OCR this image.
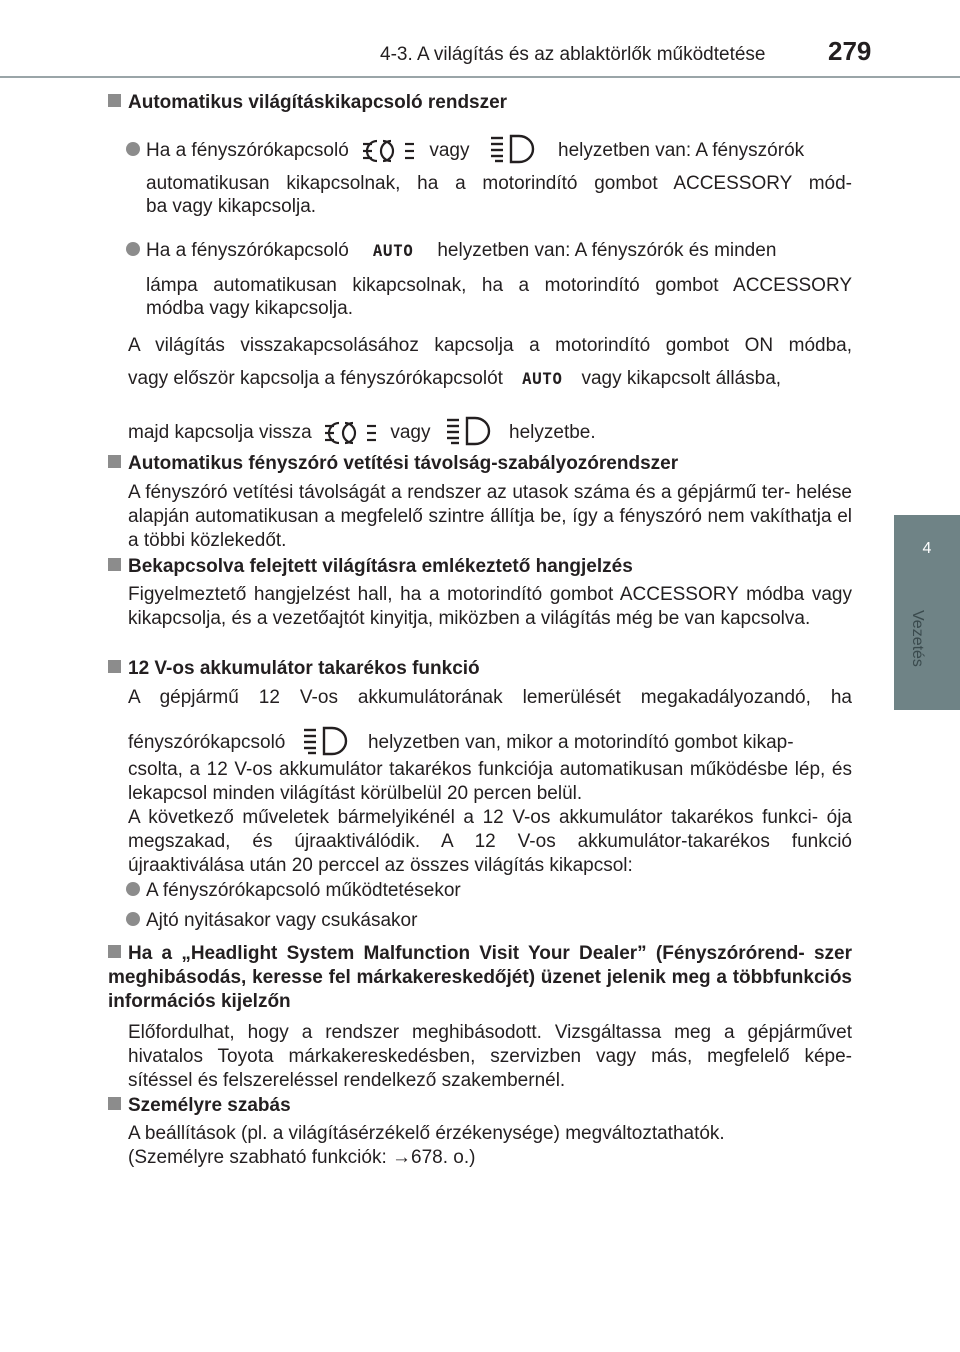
4-3. A világítás és az ablaktörlők működtetése 279
4
Vezetés
Automatikus világításkikapcsoló rendszer
Ha a fényszórókapcsoló	vagy	helyzetben van: A fényszórók
automatikusan kikapcsolnak, ha a motorindító gombot ACCESSORY mód-
ba vagy kikapcsolja.
Ha a fényszórókapcsoló AUTO helyzetben van: A fényszórók és minden
lámpa automatikusan kikapcsolnak, ha a motorindító gombot ACCESSORY
módba vagy kikapcsolja.
A világítás visszakapcsolásához kapcsolja a motorindító gombot ON módba,
vagy először kapcsolja a fényszórókapcsolót AUTO vagy kikapcsolt állásba,
majd kapcsolja vissza	vagy	helyzetbe.
Automatikus fényszóró vetítési távolság-szabályozórendszer
A fényszóró vetítési távolságát a rendszer az utasok száma és a gépjármű ter- helése alapján automatikusan a megfelelő szintre állítja be, így a fényszóró nem vakíthatja el a többi közlekedőt.
Bekapcsolva felejtett világításra emlékeztető hangjelzés
Figyelmeztető hangjelzést hall, ha a motorindító gombot ACCESSORY módba vagy kikapcsolja, és a vezetőajtót kinyitja, miközben a világítás még be van kapcsolva.
12 V-os akkumulátor takarékos funkció
A gépjármű 12 V-os akkumulátorának lemerülését megakadályozandó, ha
fényszórókapcsoló	helyzetben van, mikor a motorindító gombot kikap-
csolta, a 12 V-os akkumulátor takarékos funkciója automatikusan működésbe lép, és lekapcsol minden világítást körülbelül 20 percen belül.
A következő műveletek bármelyikénél a 12 V-os akkumulátor takarékos funkci- ója megszakad, és újraaktiválódik. A 12 V-os akkumulátor-takarékos funkció újraaktiválása után 20 perccel az összes világítás kikapcsol:
A fényszórókapcsoló működtetésekor
Ajtó nyitásakor vagy csukásakor
Ha a „Headlight System Malfunction Visit Your Dealer” (Fényszórórend- szer meghibásodás, keresse fel márkakereskedőjét) üzenet jelenik meg a többfunkciós információs kijelzőn
Előfordulhat, hogy a rendszer meghibásodott. Vizsgáltassa meg a gépjárművet hivatalos Toyota márkakereskedésben, szervizben vagy más, megfelelő képe- sítéssel és felszereléssel rendelkező szakembernél.
Személyre szabás
A beállítások (pl. a világításérzékelő érzékenysége) megváltoztathatók.
(Személyre szabható funkciók: →678. o.)
